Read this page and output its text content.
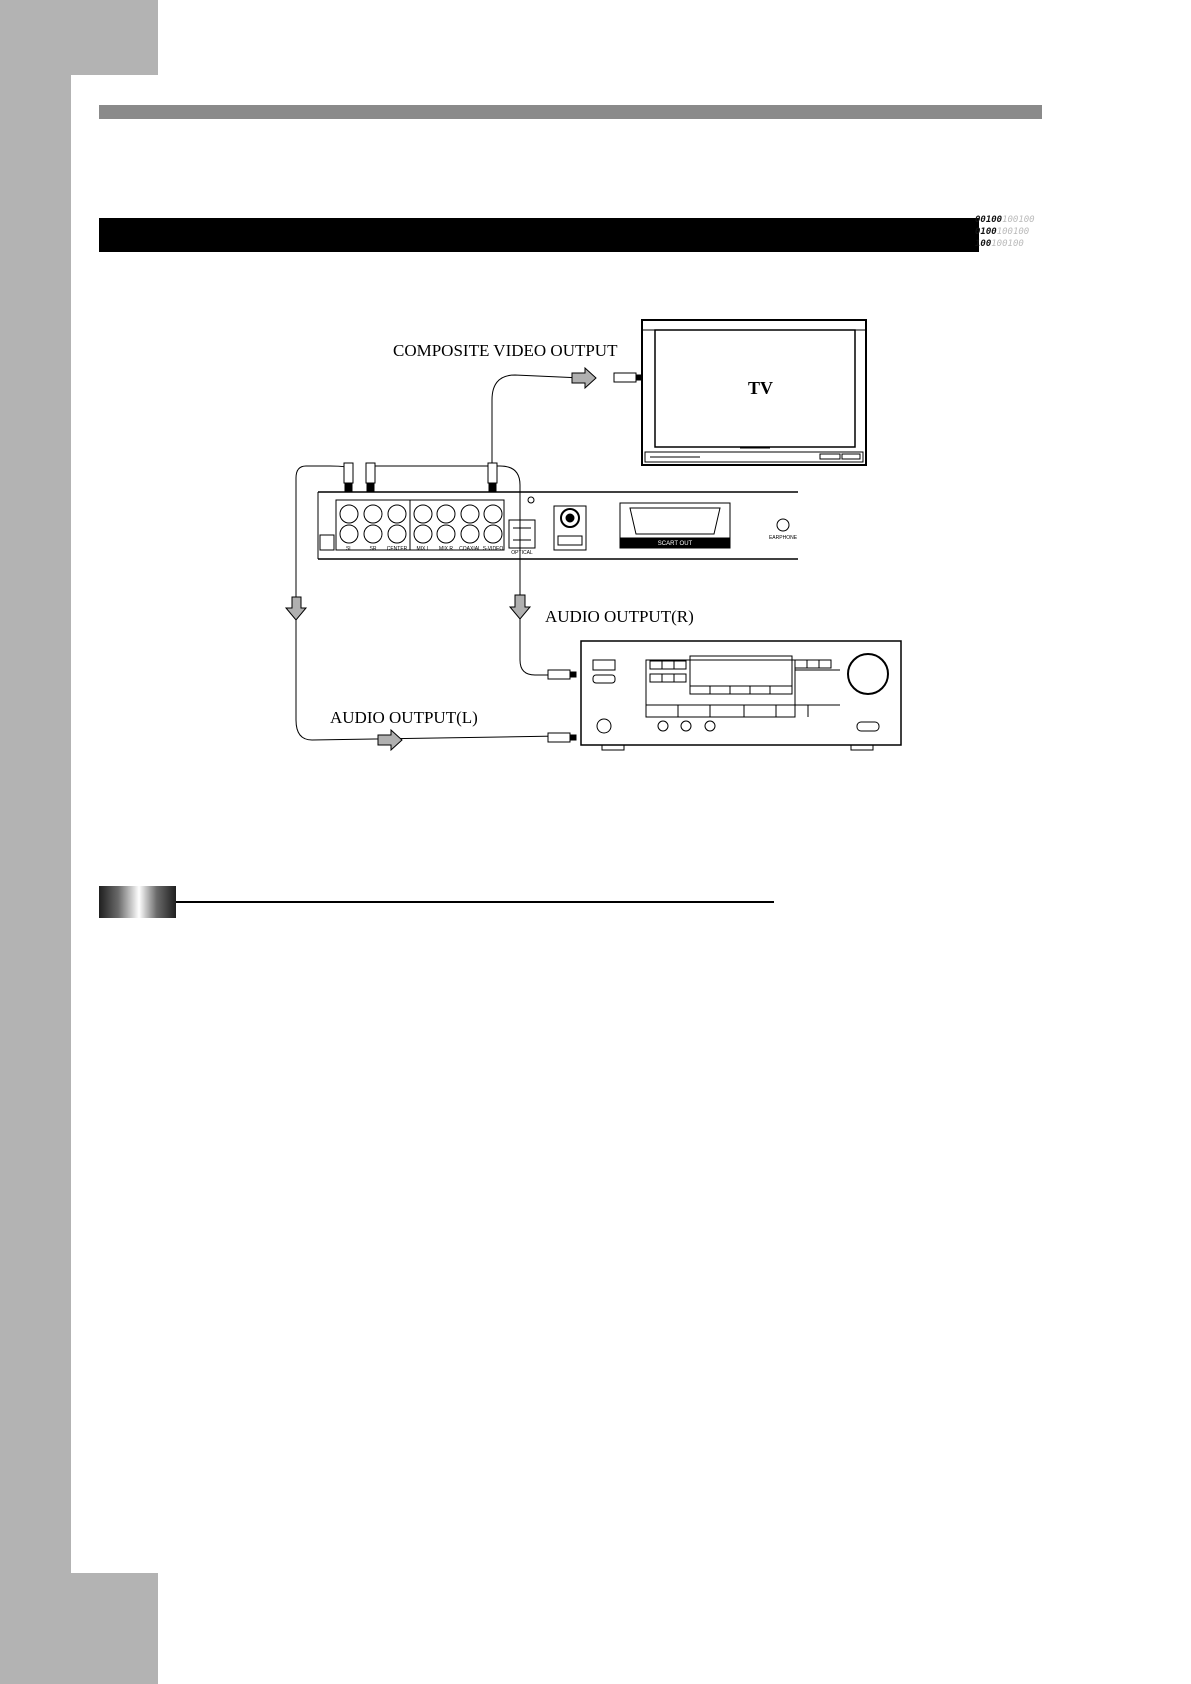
00100100100
0100100100
100100100
TV
SL	SR CENTER MIX L MIX R COAXIAL S-VIDEO
OPTICAL
SCART OUT
EARPHONE
COMPOSITE VIDEO OUTPUT
AUDIO OUTPUT(R)
AUDIO OUTPUT(L)
